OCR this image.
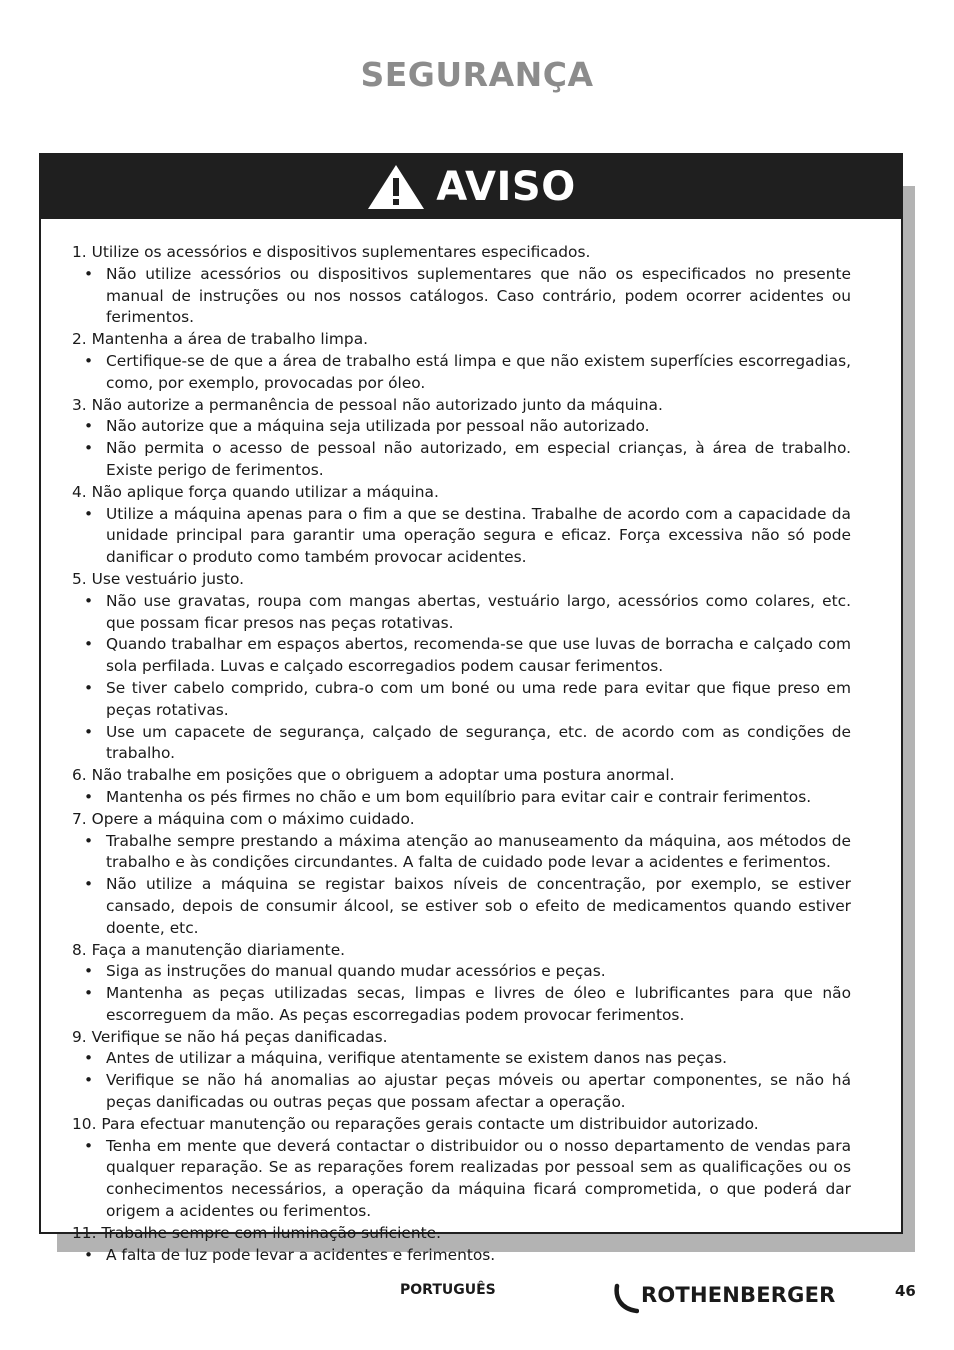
SEGURANÇA
AVISO
1. Utilize os acessórios e dispositivos suplementares especificados.
• Não utilize acessórios ou dispositivos suplementares que não os especificados no presente manual de instruções ou nos nossos catálogos. Caso contrário, podem ocorrer acidentes ou ferimentos.
2. Mantenha a área de trabalho limpa.
• Certifique-se de que a área de trabalho está limpa e que não existem superfícies escorregadias, como, por exemplo, provocadas por óleo.
3. Não autorize a permanência de pessoal não autorizado junto da máquina.
• Não autorize que a máquina seja utilizada por pessoal não autorizado.
• Não permita o acesso de pessoal não autorizado, em especial crianças, à área de trabalho. Existe perigo de ferimentos.
4. Não aplique força quando utilizar a máquina.
• Utilize a máquina apenas para o fim a que se destina. Trabalhe de acordo com a capacidade da unidade principal para garantir uma operação segura e eficaz. Força excessiva não só pode danificar o produto como também provocar acidentes.
5. Use vestuário justo.
• Não use gravatas, roupa com mangas abertas, vestuário largo, acessórios como colares, etc. que possam ficar presos nas peças rotativas.
• Quando trabalhar em espaços abertos, recomenda-se que use luvas de borracha e calçado com sola perfilada. Luvas e calçado escorregadios podem causar ferimentos.
• Se tiver cabelo comprido, cubra-o com um boné ou uma rede para evitar que fique preso em peças rotativas.
• Use um capacete de segurança, calçado de segurança, etc. de acordo com as condições de trabalho.
6. Não trabalhe em posições que o obriguem a adoptar uma postura anormal.
• Mantenha os pés firmes no chão e um bom equilíbrio para evitar cair e contrair ferimentos.
7. Opere a máquina com o máximo cuidado.
• Trabalhe sempre prestando a máxima atenção ao manuseamento da máquina, aos métodos de trabalho e às condições circundantes. A falta de cuidado pode levar a acidentes e ferimentos.
• Não utilize a máquina se registar baixos níveis de concentração, por exemplo, se estiver cansado, depois de consumir álcool, se estiver sob o efeito de medicamentos quando estiver doente, etc.
8. Faça a manutenção diariamente.
• Siga as instruções do manual quando mudar acessórios e peças.
• Mantenha as peças utilizadas secas, limpas e livres de óleo e lubrificantes para que não escorreguem da mão. As peças escorregadias podem provocar ferimentos.
9. Verifique se não há peças danificadas.
• Antes de utilizar a máquina, verifique atentamente se existem danos nas peças.
• Verifique se não há anomalias ao ajustar peças móveis ou apertar componentes, se não há peças danificadas ou outras peças que possam afectar a operação.
10. Para efectuar manutenção ou reparações gerais contacte um distribuidor autorizado.
• Tenha em mente que deverá contactar o distribuidor ou o nosso departamento de vendas para qualquer reparação. Se as reparações forem realizadas por pessoal sem as qualificações ou os conhecimentos necessários, a operação da máquina ficará comprometida, o que poderá dar origem a acidentes ou ferimentos.
11. Trabalhe sempre com iluminação suficiente.
• A falta de luz pode levar a acidentes e ferimentos.
PORTUGUÊS	ROTHENBERGER	46
